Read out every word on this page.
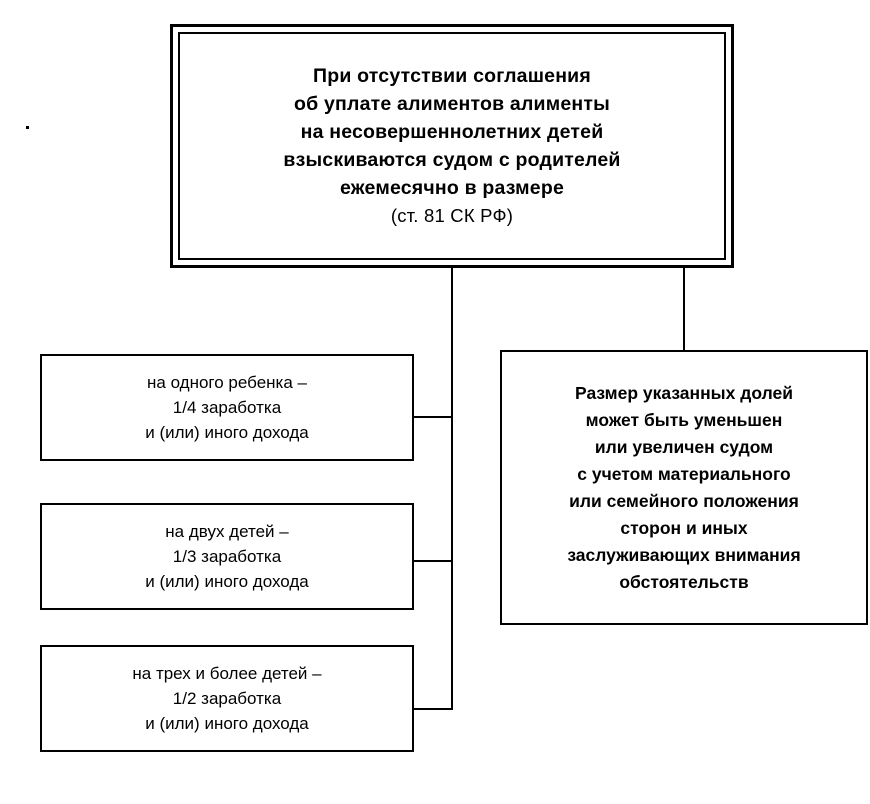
При отсутствии соглашения
об уплате алиментов алименты
на несовершеннолетних детей
взыскиваются судом с родителей
ежемесячно в размере
(ст. 81 СК РФ)
на одного ребенка –
1/4 заработка
и (или) иного дохода
на двух детей –
1/3 заработка
и (или) иного дохода
на трех и более детей –
1/2 заработка
и (или) иного дохода
Размер указанных долей
может быть уменьшен
или увеличен судом
с учетом материального
или семейного положения
сторон и иных
заслуживающих внимания
обстоятельств
